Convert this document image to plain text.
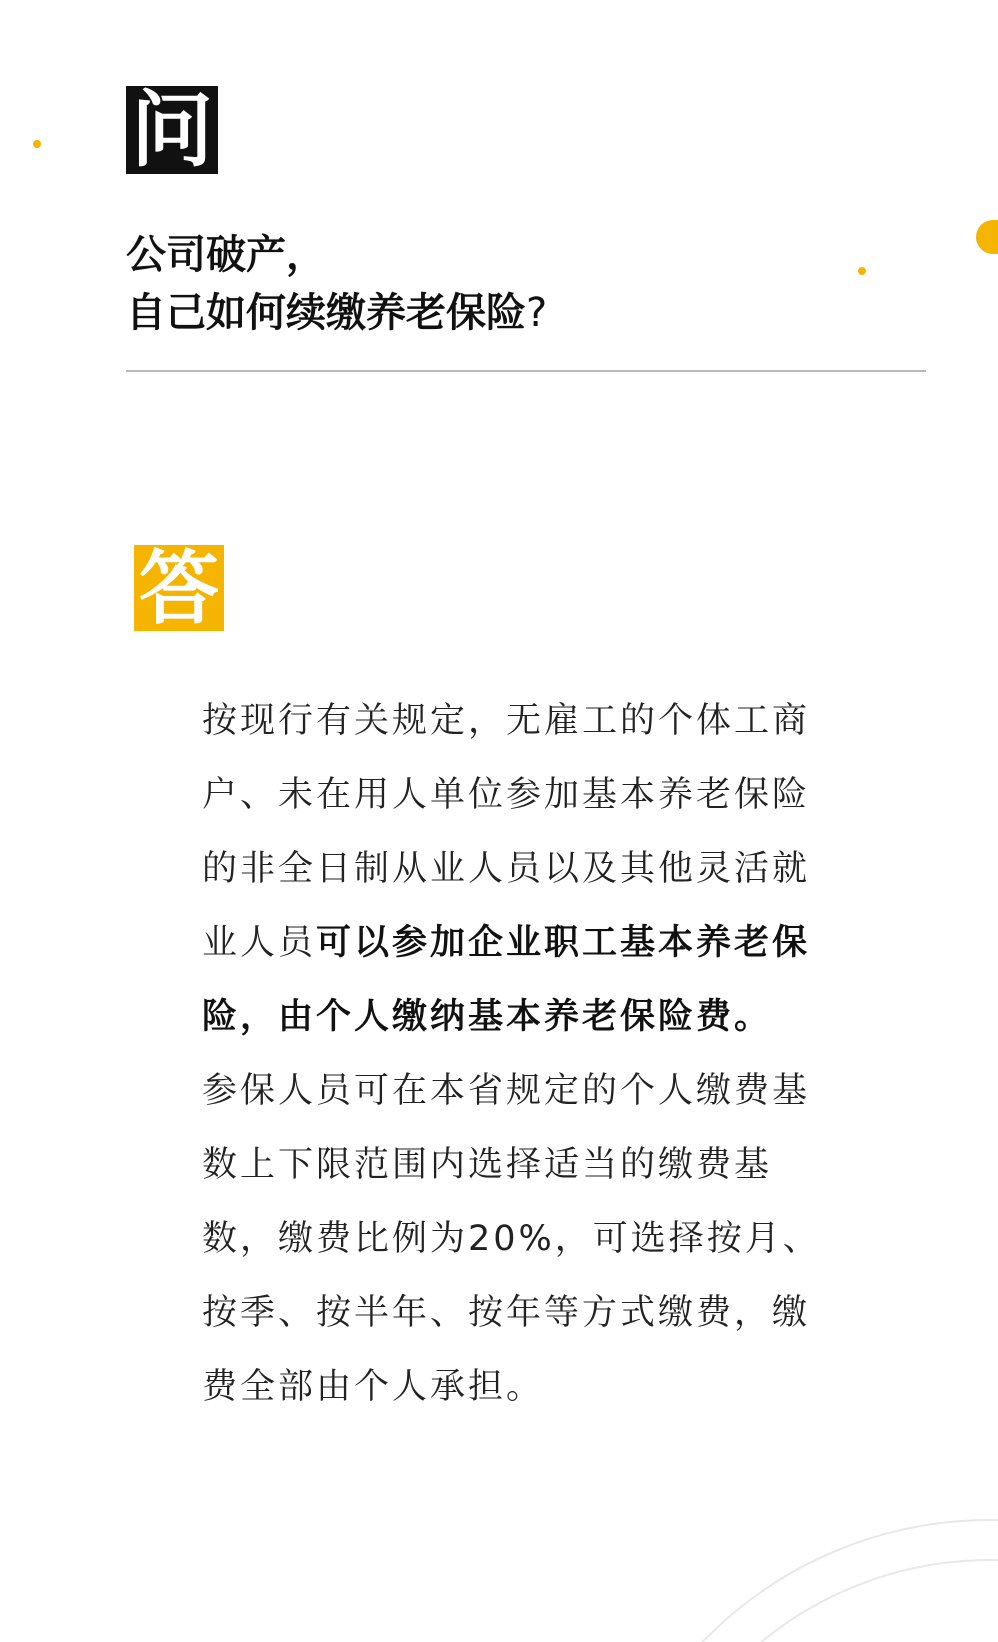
问
公司破产，
自己如何续缴养老保险?
答

按现行有关规定，无雇工的个体工商户、未在用人单位参加基本养老保险的非全日制从业人员以及其他灵活就业人员可以参加企业职工基本养老保险，由个人缴纳基本养老保险费。

参保人员可在本省规定的个人缴费基数上下限范围内选择适当的缴费基数，缴费比例为20%，可选择按月、按季、按半年、按年等方式缴费，缴费全部由个人承担。
